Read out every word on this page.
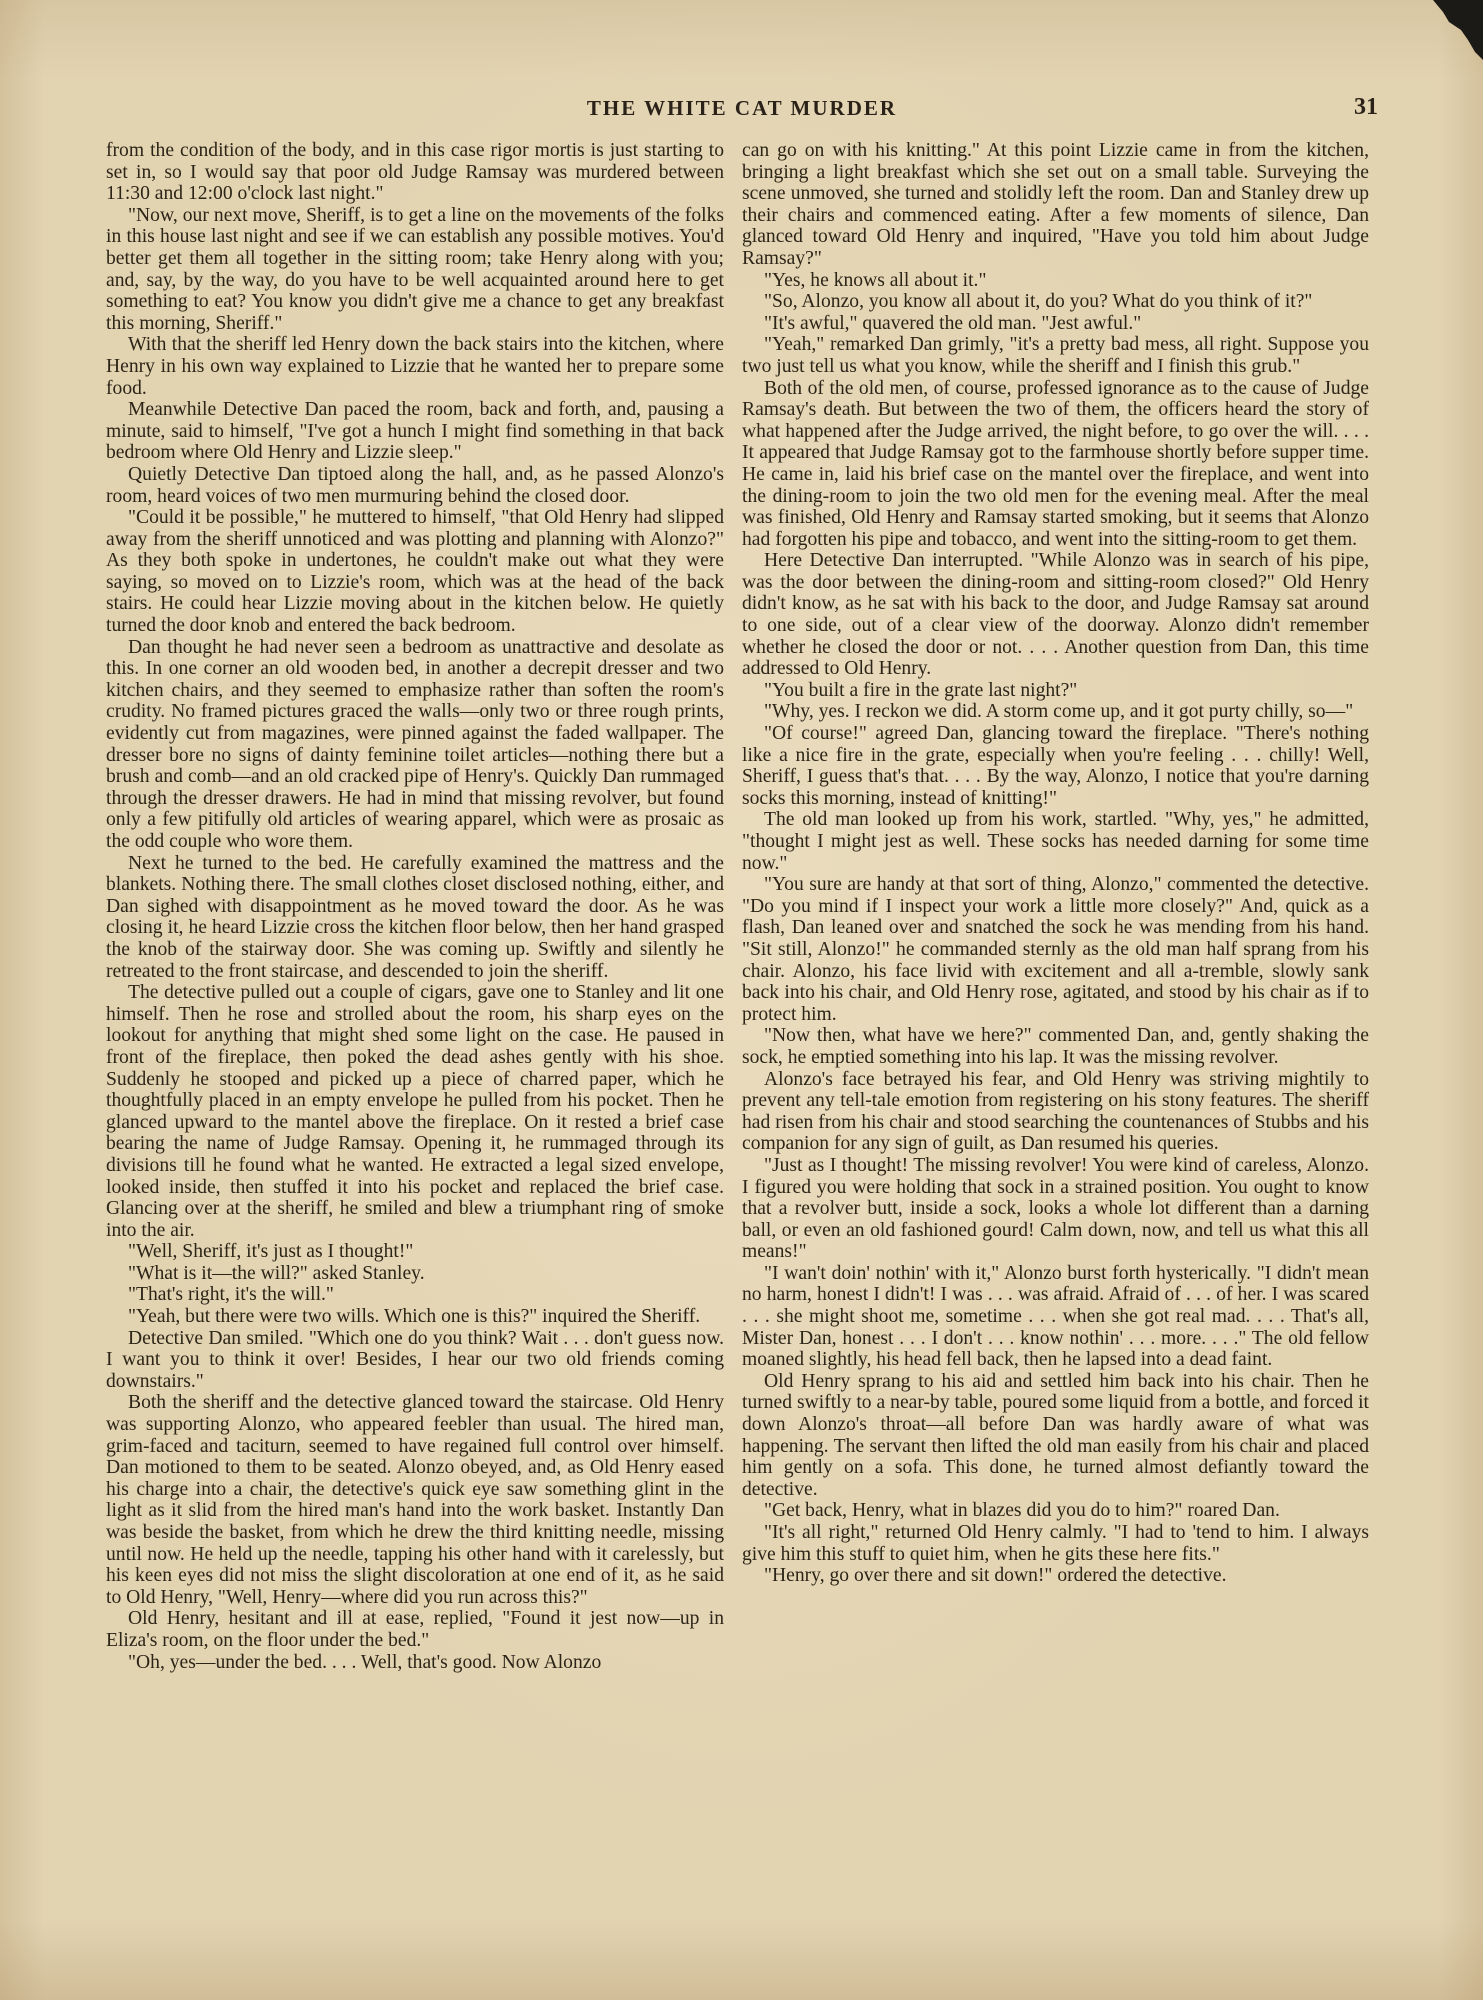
THE WHITE CAT MURDER	31

from the condition of the body, and in this case rigor mortis is just starting to set in, so I would say that poor old Judge Ramsay was murdered between 11:30 and 12:00 o'clock last night."

"Now, our next move, Sheriff, is to get a line on the movements of the folks in this house last night and see if we can establish any possible motives. You'd better get them all together in the sitting room; take Henry along with you; and, say, by the way, do you have to be well acquainted around here to get something to eat? You know you didn't give me a chance to get any breakfast this morning, Sheriff."

With that the sheriff led Henry down the back stairs into the kitchen, where Henry in his own way explained to Lizzie that he wanted her to prepare some food.

Meanwhile Detective Dan paced the room, back and forth, and, pausing a minute, said to himself, "I've got a hunch I might find something in that back bedroom where Old Henry and Lizzie sleep."

Quietly Detective Dan tiptoed along the hall, and, as he passed Alonzo's room, heard voices of two men murmuring behind the closed door.

"Could it be possible," he muttered to himself, "that Old Henry had slipped away from the sheriff unnoticed and was plotting and planning with Alonzo?" As they both spoke in undertones, he couldn't make out what they were saying, so moved on to Lizzie's room, which was at the head of the back stairs. He could hear Lizzie moving about in the kitchen below. He quietly turned the door knob and entered the back bedroom.

Dan thought he had never seen a bedroom as unattractive and desolate as this. In one corner an old wooden bed, in another a decrepit dresser and two kitchen chairs, and they seemed to emphasize rather than soften the room's crudity. No framed pictures graced the walls—only two or three rough prints, evidently cut from magazines, were pinned against the faded wallpaper. The dresser bore no signs of dainty feminine toilet articles—nothing there but a brush and comb—and an old cracked pipe of Henry's. Quickly Dan rummaged through the dresser drawers. He had in mind that missing revolver, but found only a few pitifully old articles of wearing apparel, which were as prosaic as the odd couple who wore them.

Next he turned to the bed. He carefully examined the mattress and the blankets. Nothing there. The small clothes closet disclosed nothing, either, and Dan sighed with disappointment as he moved toward the door. As he was closing it, he heard Lizzie cross the kitchen floor below, then her hand grasped the knob of the stairway door. She was coming up. Swiftly and silently he retreated to the front staircase, and descended to join the sheriff.

The detective pulled out a couple of cigars, gave one to Stanley and lit one himself. Then he rose and strolled about the room, his sharp eyes on the lookout for anything that might shed some light on the case. He paused in front of the fireplace, then poked the dead ashes gently with his shoe. Suddenly he stooped and picked up a piece of charred paper, which he thoughtfully placed in an empty envelope he pulled from his pocket. Then he glanced upward to the mantel above the fireplace. On it rested a brief case bearing the name of Judge Ramsay. Opening it, he rummaged through its divisions till he found what he wanted. He extracted a legal sized envelope, looked inside, then stuffed it into his pocket and replaced the brief case. Glancing over at the sheriff, he smiled and blew a triumphant ring of smoke into the air.

"Well, Sheriff, it's just as I thought!"

"What is it—the will?" asked Stanley.

"That's right, it's the will."

"Yeah, but there were two wills. Which one is this?" inquired the Sheriff.

Detective Dan smiled. "Which one do you think? Wait . . . don't guess now. I want you to think it over! Besides, I hear our two old friends coming downstairs."

Both the sheriff and the detective glanced toward the staircase. Old Henry was supporting Alonzo, who appeared feebler than usual. The hired man, grim-faced and taciturn, seemed to have regained full control over himself. Dan motioned to them to be seated. Alonzo obeyed, and, as Old Henry eased his charge into a chair, the detective's quick eye saw something glint in the light as it slid from the hired man's hand into the work basket. Instantly Dan was beside the basket, from which he drew the third knitting needle, missing until now. He held up the needle, tapping his other hand with it carelessly, but his keen eyes did not miss the slight discoloration at one end of it, as he said to Old Henry, "Well, Henry—where did you run across this?"

Old Henry, hesitant and ill at ease, replied, "Found it jest now—up in Eliza's room, on the floor under the bed."

"Oh, yes—under the bed. . . . Well, that's good. Now Alonzo

can go on with his knitting." At this point Lizzie came in from the kitchen, bringing a light breakfast which she set out on a small table. Surveying the scene unmoved, she turned and stolidly left the room. Dan and Stanley drew up their chairs and commenced eating. After a few moments of silence, Dan glanced toward Old Henry and inquired, "Have you told him about Judge Ramsay?"

"Yes, he knows all about it."

"So, Alonzo, you know all about it, do you? What do you think of it?"

"It's awful," quavered the old man. "Jest awful."

"Yeah," remarked Dan grimly, "it's a pretty bad mess, all right. Suppose you two just tell us what you know, while the sheriff and I finish this grub."

Both of the old men, of course, professed ignorance as to the cause of Judge Ramsay's death. But between the two of them, the officers heard the story of what happened after the Judge arrived, the night before, to go over the will. . . . It appeared that Judge Ramsay got to the farmhouse shortly before supper time. He came in, laid his brief case on the mantel over the fireplace, and went into the dining-room to join the two old men for the evening meal. After the meal was finished, Old Henry and Ramsay started smoking, but it seems that Alonzo had forgotten his pipe and tobacco, and went into the sitting-room to get them.

Here Detective Dan interrupted. "While Alonzo was in search of his pipe, was the door between the dining-room and sitting-room closed?" Old Henry didn't know, as he sat with his back to the door, and Judge Ramsay sat around to one side, out of a clear view of the doorway. Alonzo didn't remember whether he closed the door or not. . . . Another question from Dan, this time addressed to Old Henry.

"You built a fire in the grate last night?"

"Why, yes. I reckon we did. A storm come up, and it got purty chilly, so—"

"Of course!" agreed Dan, glancing toward the fireplace. "There's nothing like a nice fire in the grate, especially when you're feeling . . . chilly! Well, Sheriff, I guess that's that. . . . By the way, Alonzo, I notice that you're darning socks this morning, instead of knitting!"

The old man looked up from his work, startled. "Why, yes," he admitted, "thought I might jest as well. These socks has needed darning for some time now."

"You sure are handy at that sort of thing, Alonzo," commented the detective. "Do you mind if I inspect your work a little more closely?" And, quick as a flash, Dan leaned over and snatched the sock he was mending from his hand. "Sit still, Alonzo!" he commanded sternly as the old man half sprang from his chair. Alonzo, his face livid with excitement and all a-tremble, slowly sank back into his chair, and Old Henry rose, agitated, and stood by his chair as if to protect him.

"Now then, what have we here?" commented Dan, and, gently shaking the sock, he emptied something into his lap. It was the missing revolver.

Alonzo's face betrayed his fear, and Old Henry was striving mightily to prevent any tell-tale emotion from registering on his stony features. The sheriff had risen from his chair and stood searching the countenances of Stubbs and his companion for any sign of guilt, as Dan resumed his queries.

"Just as I thought! The missing revolver! You were kind of careless, Alonzo. I figured you were holding that sock in a strained position. You ought to know that a revolver butt, inside a sock, looks a whole lot different than a darning ball, or even an old fashioned gourd! Calm down, now, and tell us what this all means!"

"I wan't doin' nothin' with it," Alonzo burst forth hysterically. "I didn't mean no harm, honest I didn't! I was . . . was afraid. Afraid of . . . of her. I was scared . . . she might shoot me, sometime . . . when she got real mad. . . . That's all, Mister Dan, honest . . . I don't . . . know nothin' . . . more. . . ." The old fellow moaned slightly, his head fell back, then he lapsed into a dead faint.

Old Henry sprang to his aid and settled him back into his chair. Then he turned swiftly to a near-by table, poured some liquid from a bottle, and forced it down Alonzo's throat—all before Dan was hardly aware of what was happening. The servant then lifted the old man easily from his chair and placed him gently on a sofa. This done, he turned almost defiantly toward the detective.

"Get back, Henry, what in blazes did you do to him?" roared Dan.

"It's all right," returned Old Henry calmly. "I had to 'tend to him. I always give him this stuff to quiet him, when he gits these here fits."

"Henry, go over there and sit down!" ordered the detective.
